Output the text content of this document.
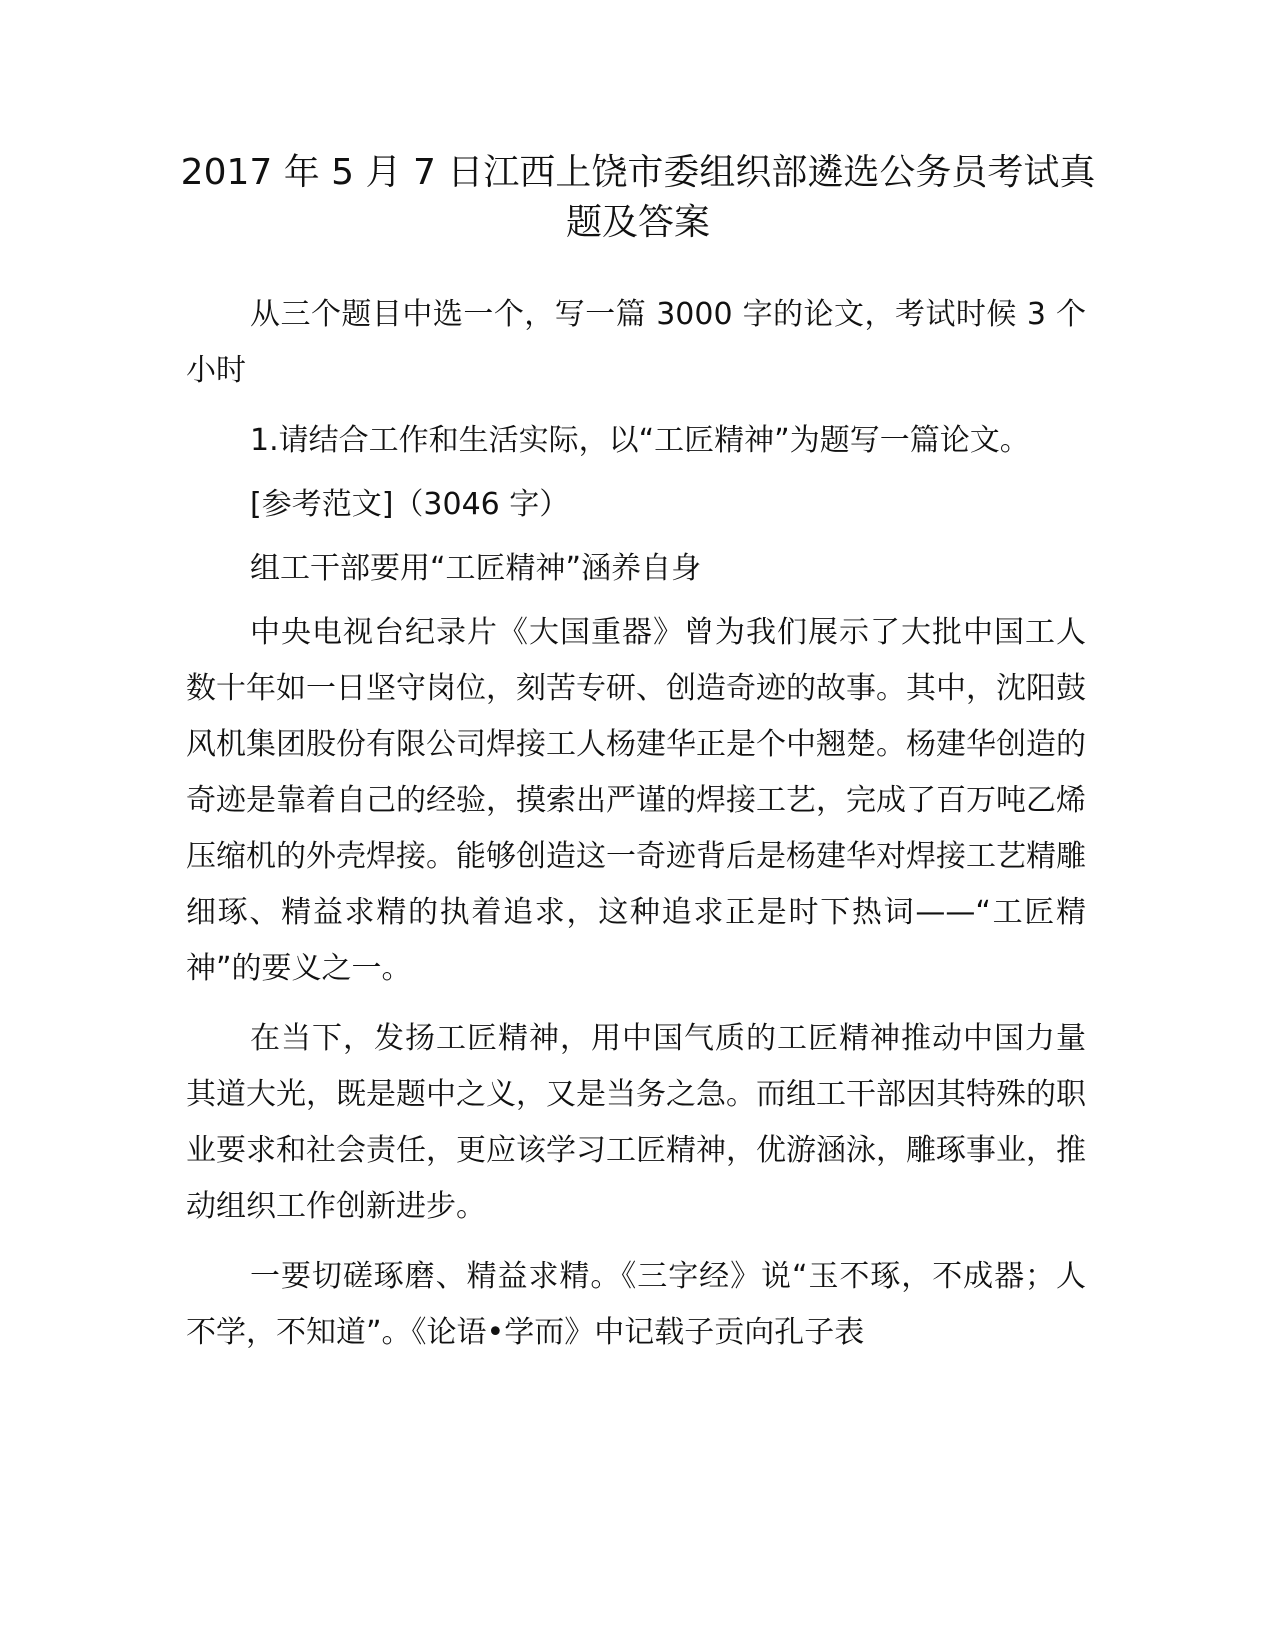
2017 年 5 月 7 日江西上饶市委组织部遴选公务员考试真题及答案

从三个题目中选一个，写一篇 3000 字的论文，考试时候 3 个小时

1.请结合工作和生活实际，以“工匠精神”为题写一篇论文。

[参考范文]（3046 字）

组工干部要用“工匠精神”涵养自身

中央电视台纪录片《大国重器》曾为我们展示了大批中国工人数十年如一日坚守岗位，刻苦专研、创造奇迹的故事。其中，沈阳鼓风机集团股份有限公司焊接工人杨建华正是个中翘楚。杨建华创造的奇迹是靠着自己的经验，摸索出严谨的焊接工艺，完成了百万吨乙烯压缩机的外壳焊接。能够创造这一奇迹背后是杨建华对焊接工艺精雕细琢、精益求精的执着追求，这种追求正是时下热词——“工匠精神”的要义之一。

在当下，发扬工匠精神，用中国气质的工匠精神推动中国力量其道大光，既是题中之义，又是当务之急。而组工干部因其特殊的职业要求和社会责任，更应该学习工匠精神，优游涵泳，雕琢事业，推动组织工作创新进步。

一要切磋琢磨、精益求精。《三字经》说“玉不琢，不成器；人不学，不知道”。《论语•学而》中记载子贡向孔子表
